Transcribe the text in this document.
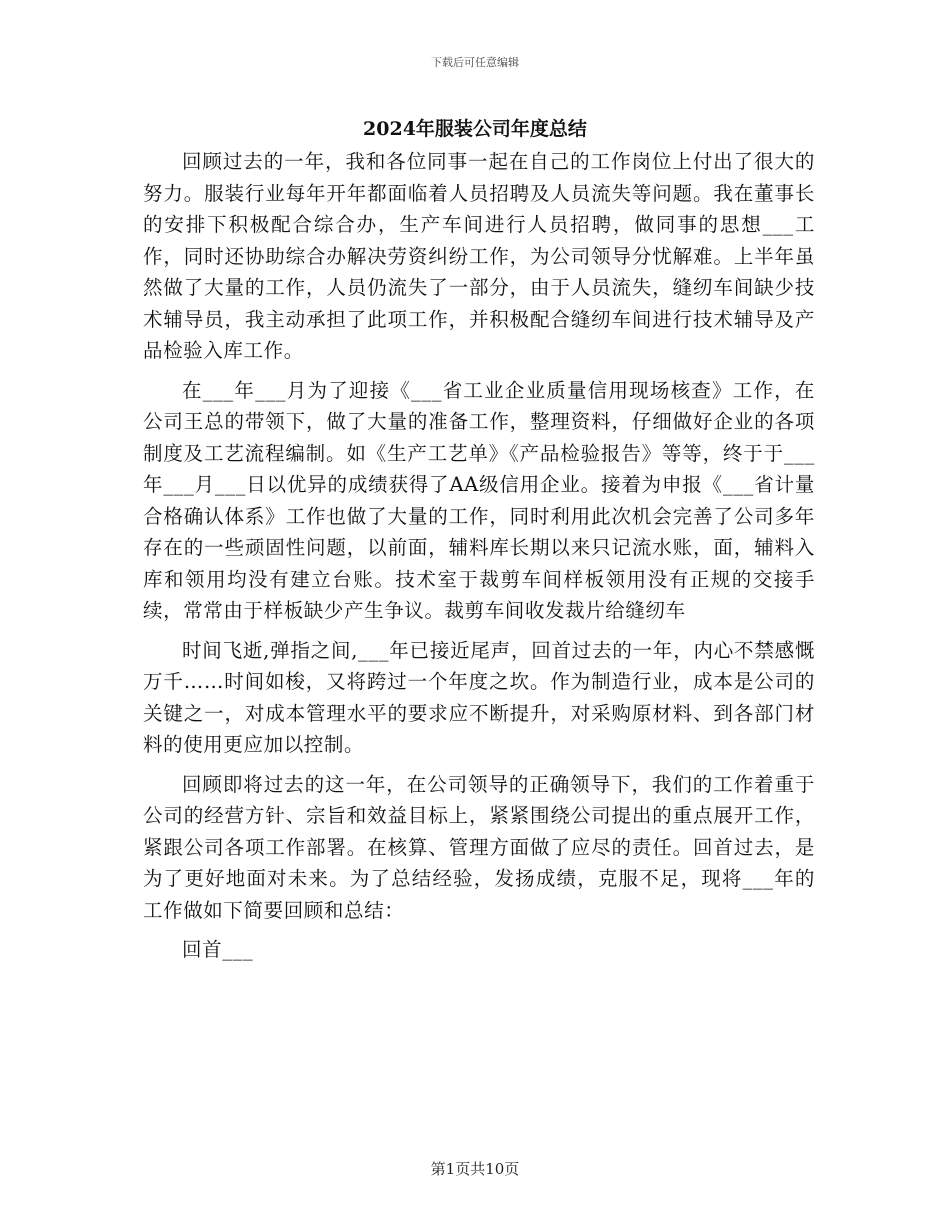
下载后可任意编辑
2024年服装公司年度总结

回顾过去的一年，我和各位同事一起在自己的工作岗位上付出了很大的努力。服装行业每年开年都面临着人员招聘及人员流失等问题。我在董事长的安排下积极配合综合办，生产车间进行人员招聘，做同事的思想___工作，同时还协助综合办解决劳资纠纷工作，为公司领导分忧解难。上半年虽然做了大量的工作，人员仍流失了一部分，由于人员流失，缝纫车间缺少技术辅导员，我主动承担了此项工作，并积极配合缝纫车间进行技术辅导及产品检验入库工作。

在___年___月为了迎接《___省工业企业质量信用现场核查》工作，在公司王总的带领下，做了大量的准备工作，整理资料，仔细做好企业的各项制度及工艺流程编制。如《生产工艺单》《产品检验报告》等等，终于于___年___月___日以优异的成绩获得了AA级信用企业。接着为申报《___省计量合格确认体系》工作也做了大量的工作，同时利用此次机会完善了公司多年存在的一些顽固性问题，以前面，辅料库长期以来只记流水账，面，辅料入库和领用均没有建立台账。技术室于裁剪车间样板领用没有正规的交接手续，常常由于样板缺少产生争议。裁剪车间收发裁片给缝纫车

时间飞逝,弹指之间,___年已接近尾声，回首过去的一年，内心不禁感慨万千……时间如梭，又将跨过一个年度之坎。作为制造行业，成本是公司的关键之一，对成本管理水平的要求应不断提升，对采购原材料、到各部门材料的使用更应加以控制。

回顾即将过去的这一年，在公司领导的正确领导下，我们的工作着重于公司的经营方针、宗旨和效益目标上，紧紧围绕公司提出的重点展开工作，紧跟公司各项工作部署。在核算、管理方面做了应尽的责任。回首过去，是为了更好地面对未来。为了总结经验，发扬成绩，克服不足，现将___年的工作做如下简要回顾和总结：

回首___

第1页共10页
